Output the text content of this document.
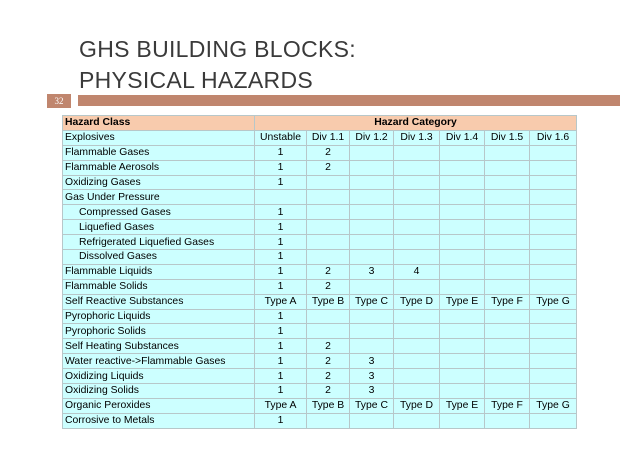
GHS BUILDING BLOCKS:
PHYSICAL HAZARDS
32
Hazard Class	Hazard Category						
Explosives	Unstable	Div 1.1	Div 1.2	Div 1.3	Div 1.4	Div 1.5	Div 1.6
Flammable Gases	1	2					
Flammable Aerosols	1	2					
Oxidizing Gases	1						
Gas Under Pressure							
Compressed Gases	1						
Liquefied Gases	1						
Refrigerated Liquefied Gases	1						
Dissolved Gases	1						
Flammable Liquids	1	2	3	4			
Flammable Solids	1	2					
Self Reactive Substances	Type A	Type B	Type C	Type D	Type E	Type F	Type G
Pyrophoric Liquids	1						
Pyrophoric Solids	1						
Self Heating Substances	1	2					
Water reactive->Flammable Gases	1	2	3				
Oxidizing Liquids	1	2	3				
Oxidizing Solids	1	2	3				
Organic Peroxides	Type A	Type B	Type C	Type D	Type E	Type F	Type G
Corrosive to Metals	1						
